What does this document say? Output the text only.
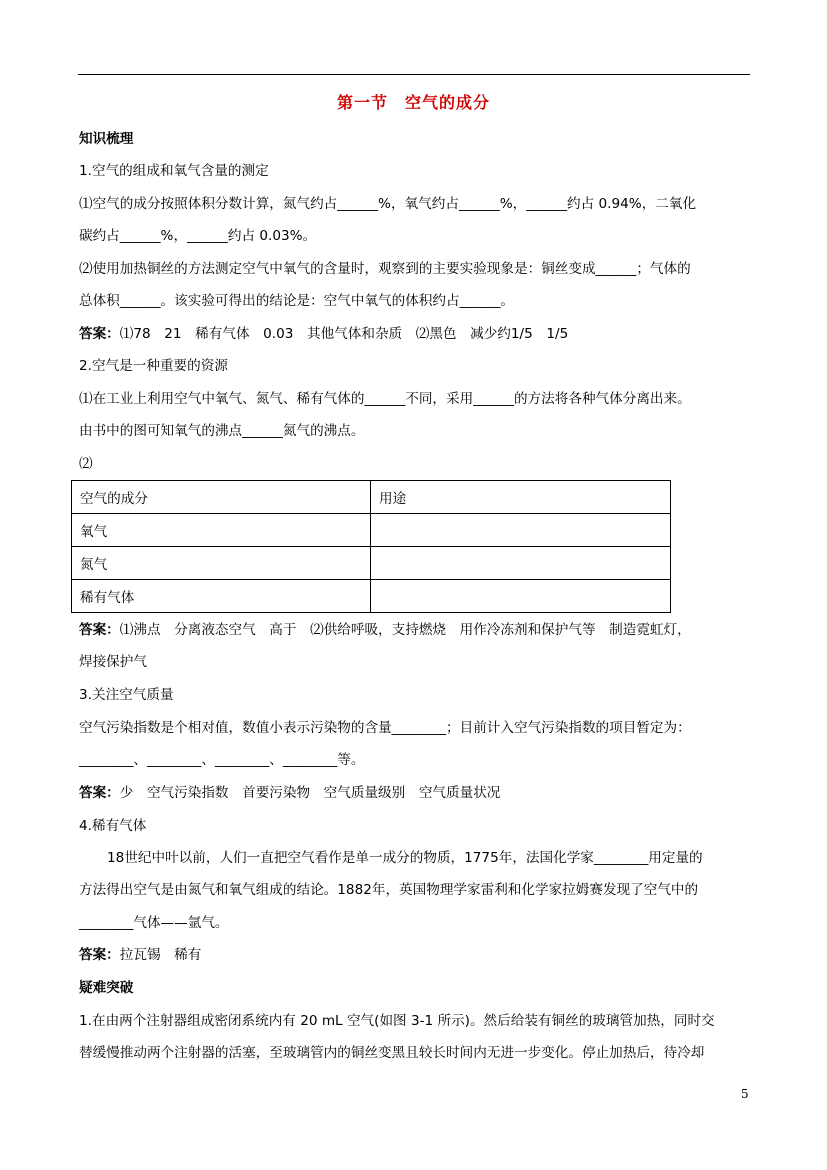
第一节　空气的成分
知识梳理
1.空气的组成和氧气含量的测定
⑴空气的成分按照体积分数计算，氮气约占______%，氧气约占______%，______约占 0.94%，二氧化
碳约占______%，______约占 0.03%。
⑵使用加热铜丝的方法测定空气中氧气的含量时，观察到的主要实验现象是：铜丝变成______；气体的
总体积______。该实验可得出的结论是：空气中氧气的体积约占______。
答案：⑴78　21　稀有气体　0.03　其他气体和杂质　⑵黑色　减少约1/5　1/5
2.空气是一种重要的资源
⑴在工业上利用空气中氧气、氮气、稀有气体的______不同，采用______的方法将各种气体分离出来。
由书中的图可知氧气的沸点______氮气的沸点。
⑵
空气的成分	用途
氧气	
氮气	
稀有气体	
答案：⑴沸点　分离液态空气　高于　⑵供给呼吸，支持燃烧　用作冷冻剂和保护气等　制造霓虹灯，
焊接保护气
3.关注空气质量
空气污染指数是个相对值，数值小表示污染物的含量________；目前计入空气污染指数的项目暂定为：
________、________、________、________等。
答案：少　空气污染指数　首要污染物　空气质量级别　空气质量状况
4.稀有气体
18世纪中叶以前，人们一直把空气看作是单一成分的物质，1775年，法国化学家________用定量的
方法得出空气是由氮气和氧气组成的结论。1882年，英国物理学家雷利和化学家拉姆赛发现了空气中的
________气体——氩气。
答案：拉瓦锡　稀有
疑难突破
1.在由两个注射器组成密闭系统内有 20 mL 空气(如图 3-1 所示)。然后给装有铜丝的玻璃管加热，同时交
替缓慢推动两个注射器的活塞，至玻璃管内的铜丝变黑且较长时间内无进一步变化。停止加热后，待冷却
5
